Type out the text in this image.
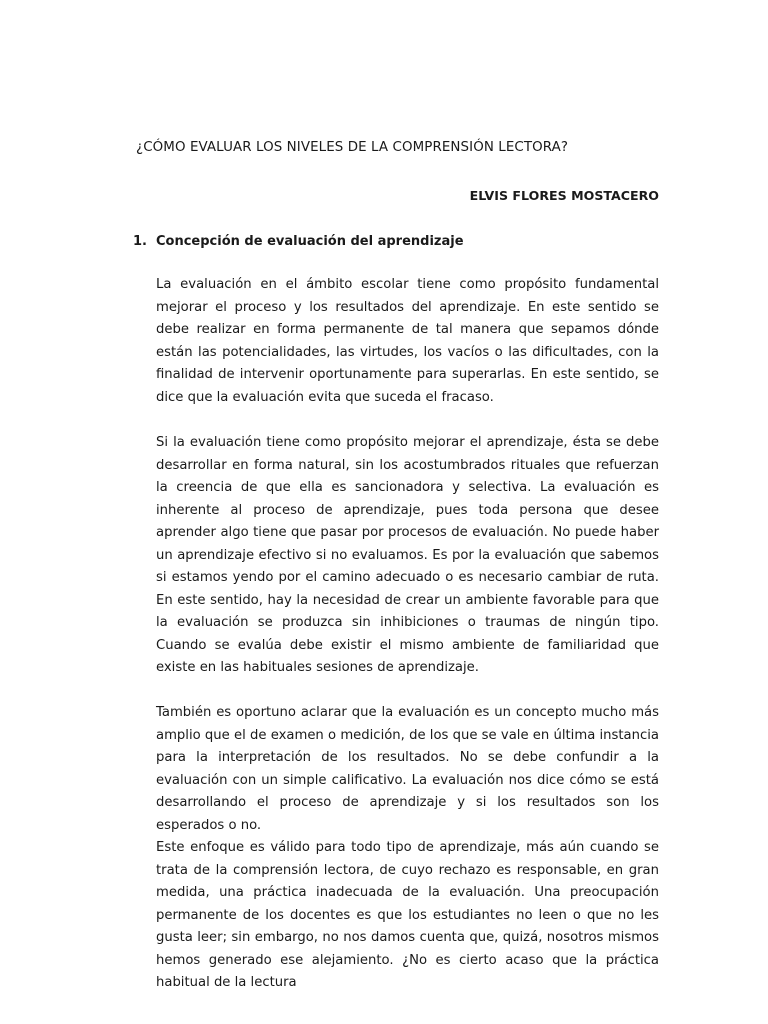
¿CÓMO EVALUAR LOS NIVELES DE LA COMPRENSIÓN LECTORA?
ELVIS FLORES MOSTACERO
1. Concepción de evaluación del aprendizaje

La evaluación en el ámbito escolar tiene como propósito fundamental mejorar el proceso y los resultados del aprendizaje. En este sentido se debe realizar en forma permanente de tal manera que sepamos dónde están las potencialidades, las virtudes, los vacíos o las dificultades, con la finalidad de intervenir oportunamente para superarlas. En este sentido, se dice que la evaluación evita que suceda el fracaso.

Si la evaluación tiene como propósito mejorar el aprendizaje, ésta se debe desarrollar en forma natural, sin los acostumbrados rituales que refuerzan la creencia de que ella es sancionadora y selectiva. La evaluación es inherente al proceso de aprendizaje, pues toda persona que desee aprender algo tiene que pasar por procesos de evaluación. No puede haber un aprendizaje efectivo si no evaluamos. Es por la evaluación que sabemos si estamos yendo por el camino adecuado o es necesario cambiar de ruta. En este sentido, hay la necesidad de crear un ambiente favorable para que la evaluación se produzca sin inhibiciones o traumas de ningún tipo. Cuando se evalúa debe existir el mismo ambiente de familiaridad que existe en las habituales sesiones de aprendizaje.

También es oportuno aclarar que la evaluación es un concepto mucho más amplio que el de examen o medición, de los que se vale en última instancia para la interpretación de los resultados. No se debe confundir a la evaluación con un simple calificativo. La evaluación nos dice cómo se está desarrollando el proceso de aprendizaje y si los resultados son los esperados o no.

Este enfoque es válido para todo tipo de aprendizaje, más aún cuando se trata de la comprensión lectora, de cuyo rechazo es responsable, en gran medida, una práctica inadecuada de la evaluación. Una preocupación permanente de los docentes es que los estudiantes no leen o que no les gusta leer; sin embargo, no nos damos cuenta que, quizá, nosotros mismos hemos generado ese alejamiento. ¿No es cierto acaso que la práctica habitual de la lectura
